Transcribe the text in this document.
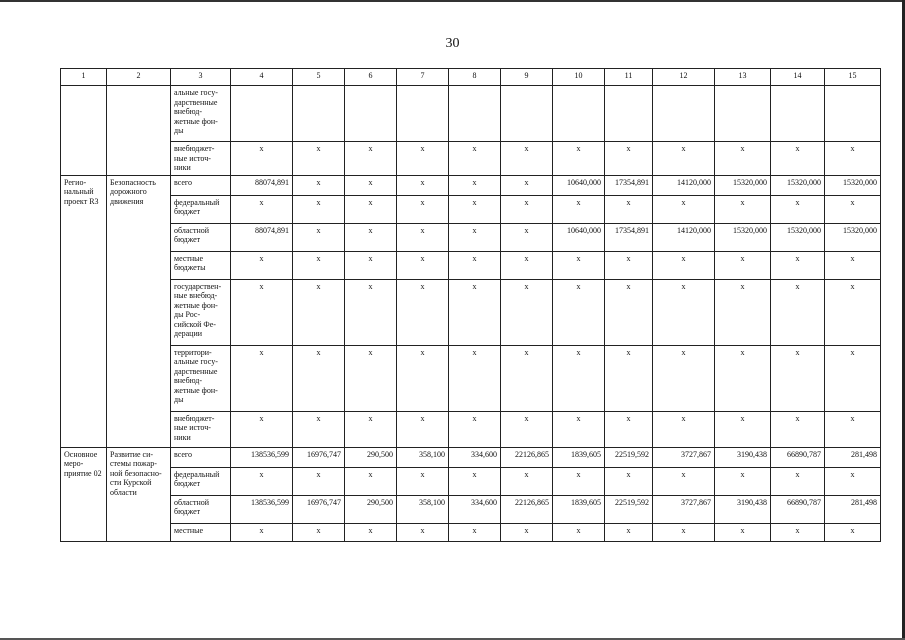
30
1	2	3	4	5	6	7	8	9	10	11	12	13	14	15
		альные госу-дарственные внебюд-жетные фон-ды												
		внебюджет-ные источ-ники	x	x	x	x	x	x	x	x	x	x	x	x
Регио-нальный проект R3	Безопасность дорожного движения	всего	88074,891	x	x	x	x	x	10640,000	17354,891	14120,000	15320,000	15320,000	15320,000
		федеральный бюджет	x	x	x	x	x	x	x	x	x	x	x	x
		областной бюджет	88074,891	x	x	x	x	x	10640,000	17354,891	14120,000	15320,000	15320,000	15320,000
		местные бюджеты	x	x	x	x	x	x	x	x	x	x	x	x
		государствен-ные внебюд-жетные фон-ды Рос-сийской Фе-дерации	x	x	x	x	x	x	x	x	x	x	x	x
		территори-альные госу-дарственные внебюд-жетные фон-ды	x	x	x	x	x	x	x	x	x	x	x	x
		внебюджет-ные источ-ники	x	x	x	x	x	x	x	x	x	x	x	x
Основное меро-приятие 02	Развитие си-стемы пожар-ной безопасно-сти Курской области	всего	138536,599	16976,747	290,500	358,100	334,600	22126,865	1839,605	22519,592	3727,867	3190,438	66890,787	281,498
		федеральный бюджет	x	x	x	x	x	x	x	x	x	x	x	x
		областной бюджет	138536,599	16976,747	290,500	358,100	334,600	22126,865	1839,605	22519,592	3727,867	3190,438	66890,787	281,498
		местные	x	x	x	x	x	x	x	x	x	x	x	x
